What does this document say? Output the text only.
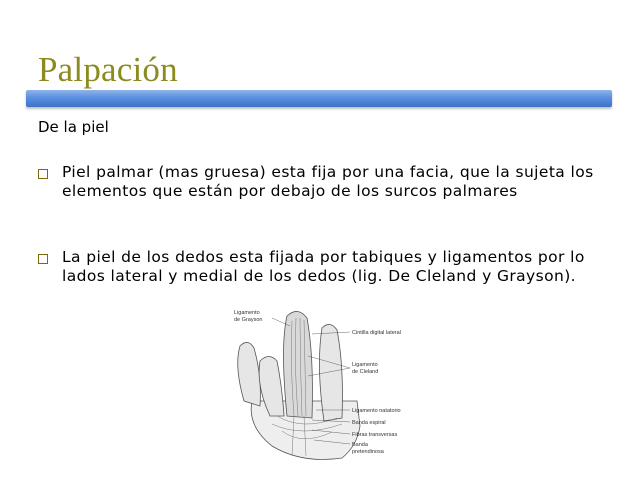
Palpación
De la piel
Piel palmar (mas gruesa) esta fija por una facia, que la sujeta los elementos que están por debajo de los surcos palmares
La piel de los dedos esta fijada por tabiques y ligamentos por lo lados lateral y medial de los dedos (lig. De Cleland y Grayson).
Ligamento
de Grayson
Cintilla digital lateral
Ligamento
de Cleland
Ligamento natatorio
Banda espiral
Fibras transversas
Banda
pretendinosa
